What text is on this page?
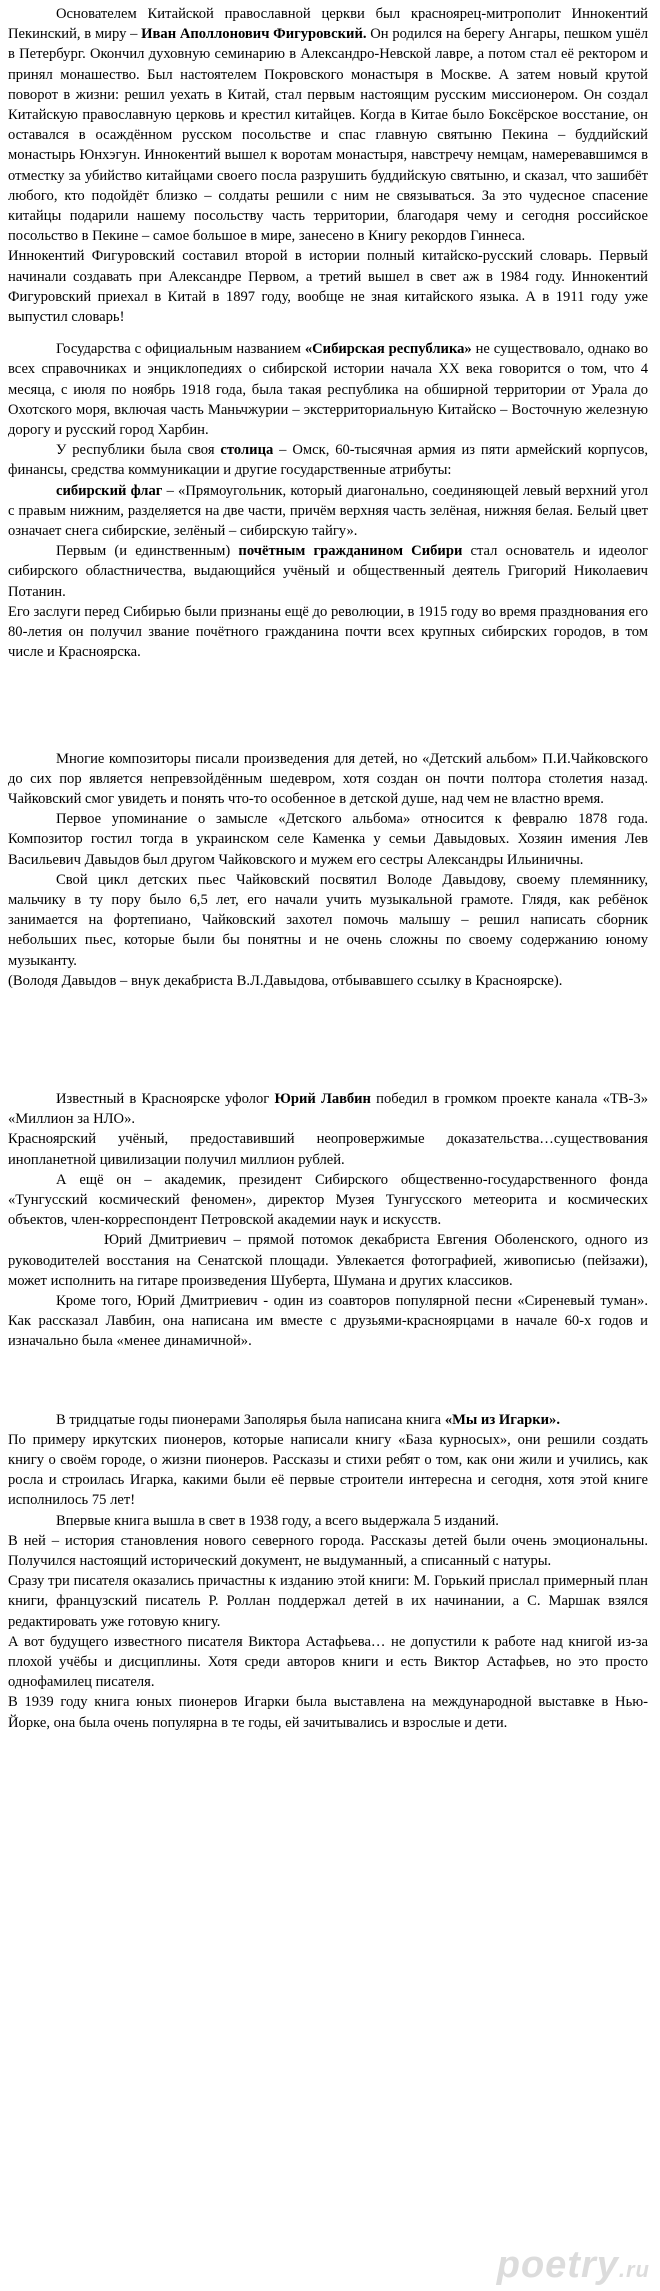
Основателем Китайской православной церкви был красноярец-митрополит Иннокентий Пекинский, в миру – Иван Аполлонович Фигуровский. Он родился на берегу Ангары, пешком ушёл в Петербург. Окончил духовную семинарию в Александро-Невской лавре, а потом стал её ректором и принял монашество. Был настоятелем Покровского монастыря в Москве. А затем новый крутой поворот в жизни: решил уехать в Китай, стал первым настоящим русским миссионером. Он создал Китайскую православную церковь и крестил китайцев. Когда в Китае было Боксёрское восстание, он оставался в осаждённом русском посольстве и спас главную святыню Пекина – буддийский монастырь Юнхэгун. Иннокентий вышел к воротам монастыря, навстречу немцам, намеревавшимся в отместку за убийство китайцами своего посла разрушить буддийскую святыню, и сказал, что зашибёт любого, кто подойдёт близко – солдаты решили с ним не связываться. За это чудесное спасение китайцы подарили нашему посольству часть территории, благодаря чему и сегодня российское посольство в Пекине – самое большое в мире, занесено в Книгу рекордов Гиннеса.

Иннокентий Фигуровский составил второй в истории полный китайско-русский словарь. Первый начинали создавать при Александре Первом, а третий вышел в свет аж в 1984 году. Иннокентий Фигуровский приехал в Китай в 1897 году, вообще не зная китайского языка. А в 1911 году уже выпустил словарь!

Государства с официальным названием «Сибирская республика» не существовало, однако во всех справочниках и энциклопедиях о сибирской истории начала XX века говорится о том, что 4 месяца, с июля по ноябрь 1918 года, была такая республика на обширной территории от Урала до Охотского моря, включая часть Маньчжурии – экстерриториальную Китайско – Восточную железную дорогу и русский город Харбин.

У республики была своя столица – Омск, 60-тысячная армия из пяти армейский корпусов, финансы, средства коммуникации и другие государственные атрибуты:

сибирский флаг – «Прямоугольник, который диагонально, соединяющей левый верхний угол с правым нижним, разделяется на две части, причём верхняя часть зелёная, нижняя белая. Белый цвет означает снега сибирские, зелёный – сибирскую тайгу».

Первым (и единственным) почётным гражданином Сибири стал основатель и идеолог сибирского областничества, выдающийся учёный и общественный деятель Григорий Николаевич Потанин.

Его заслуги перед Сибирью были признаны ещё до революции, в 1915 году во время празднования его 80-летия он получил звание почётного гражданина почти всех крупных сибирских городов, в том числе и Красноярска.

Многие композиторы писали произведения для детей, но «Детский альбом» П.И.Чайковского до сих пор является непревзойдённым шедевром, хотя создан он почти полтора столетия назад. Чайковский смог увидеть и понять что-то особенное в детской душе, над чем не властно время.

Первое упоминание о замысле «Детского альбома» относится к февралю 1878 года. Композитор гостил тогда в украинском селе Каменка у семьи Давыдовых. Хозяин имения Лев Васильевич Давыдов был другом Чайковского и мужем его сестры Александры Ильиничны.

Свой цикл детских пьес Чайковский посвятил Володе Давыдову, своему племяннику, мальчику в ту пору было 6,5 лет, его начали учить музыкальной грамоте. Глядя, как ребёнок занимается на фортепиано, Чайковский захотел помочь малышу – решил написать сборник небольших пьес, которые были бы понятны и не очень сложны по своему содержанию юному музыканту.

(Володя Давыдов – внук декабриста В.Л.Давыдова, отбывавшего ссылку в Красноярске).

Известный в Красноярске уфолог Юрий Лавбин победил в громком проекте канала «ТВ-3» «Миллион за НЛО».

Красноярский учёный, предоставивший неопровержимые доказательства…существования инопланетной цивилизации получил миллион рублей.

А ещё он – академик, президент Сибирского общественно-государственного фонда «Тунгусский космический феномен», директор Музея Тунгусского метеорита и космических объектов, член-корреспондент Петровской академии наук и искусств.

Юрий Дмитриевич – прямой потомок декабриста Евгения Оболенского, одного из руководителей восстания на Сенатской площади. Увлекается фотографией, живописью (пейзажи), может исполнить на гитаре произведения Шуберта, Шумана и других классиков.

Кроме того, Юрий Дмитриевич - один из соавторов популярной песни «Сиреневый туман». Как рассказал Лавбин, она написана им вместе с друзьями-красноярцами в начале 60-х годов и изначально была «менее динамичной».

В тридцатые годы пионерами Заполярья была написана книга «Мы из Игарки».

По примеру иркутских пионеров, которые написали книгу «База курносых», они решили создать книгу о своём городе, о жизни пионеров. Рассказы и стихи ребят о том, как они жили и учились, как росла и строилась Игарка, какими были её первые строители интересна и сегодня, хотя этой книге исполнилось 75 лет!

Впервые книга вышла в свет в 1938 году, а всего выдержала 5 изданий.

В ней – история становления нового северного города. Рассказы детей были очень эмоциональны. Получился настоящий исторический документ, не выдуманный, а списанный с натуры.

Сразу три писателя оказались причастны к изданию этой книги: М. Горький прислал примерный план книги, французский писатель Р. Роллан поддержал детей в их начинании, а С. Маршак взялся редактировать уже готовую книгу.

А вот будущего известного писателя Виктора Астафьева… не допустили к работе над книгой из-за плохой учёбы и дисциплины. Хотя среди авторов книги и есть Виктор Астафьев, но это просто однофамилец писателя.

В 1939 году книга юных пионеров Игарки была выставлена на международной выставке в Нью-Йорке, она была очень популярна в те годы, ей зачитывались и взрослые и дети.

poetry.ru
